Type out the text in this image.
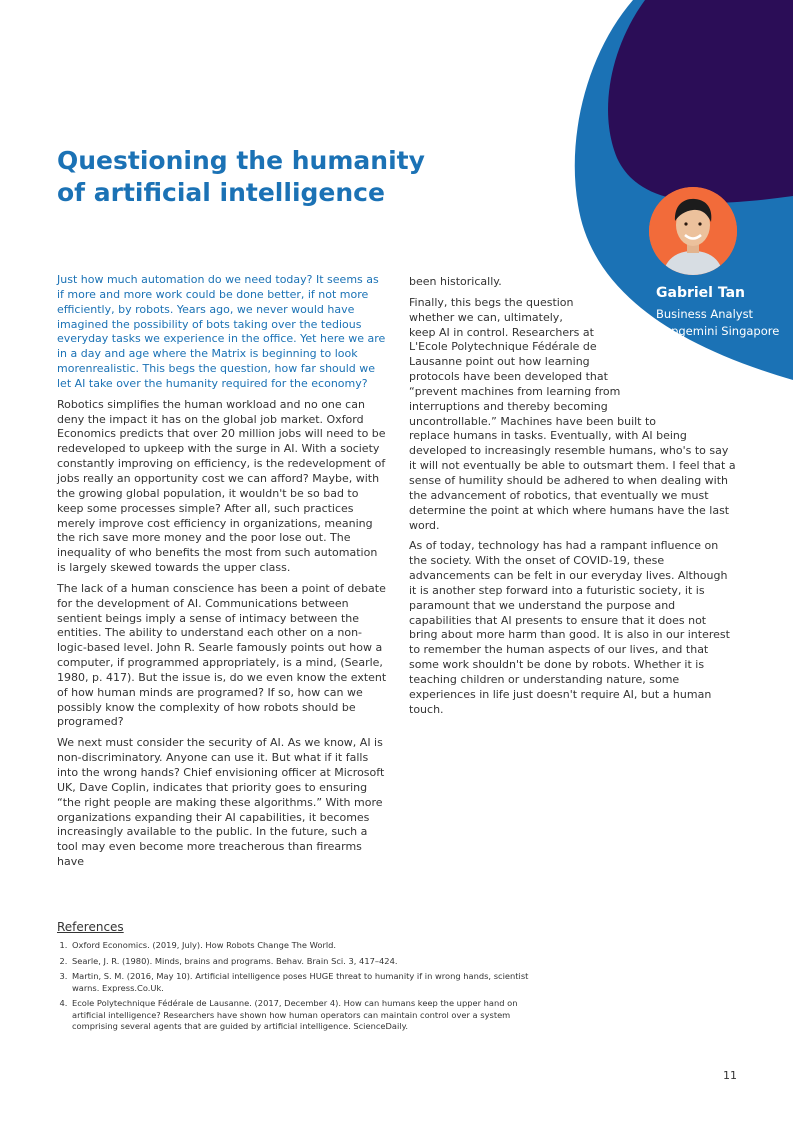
Questioning the humanity of artificial intelligence

Gabriel Tan

Business Analyst

Capgemini Singapore

Just how much automation do we need today? It seems as if more and more work could be done better, if not more efficiently, by robots. Years ago, we never would have imagined the possibility of bots taking over the tedious everyday tasks we experience in the office. Yet here we are in a day and age where the Matrix is beginning to look morenrealistic. This begs the question, how far should we let AI take over the humanity required for the economy?

Robotics simplifies the human workload and no one can deny the impact it has on the global job market. Oxford Economics predicts that over 20 million jobs will need to be redeveloped to upkeep with the surge in AI. With a society constantly improving on efficiency, is the redevelopment of jobs really an opportunity cost we can afford? Maybe, with the growing global population, it wouldn't be so bad to keep some processes simple? After all, such practices merely improve cost efficiency in organizations, meaning the rich save more money and the poor lose out. The inequality of who benefits the most from such automation is largely skewed towards the upper class.

The lack of a human conscience has been a point of debate for the development of AI. Communications between sentient beings imply a sense of intimacy between the entities. The ability to understand each other on a non-logic-based level. John R. Searle famously points out how a computer, if programmed appropriately, is a mind, (Searle, 1980, p. 417). But the issue is, do we even know the extent of how human minds are programed? If so, how can we possibly know the complexity of how robots should be programed?

We next must consider the security of AI. As we know, AI is non-discriminatory. Anyone can use it. But what if it falls into the wrong hands? Chief envisioning officer at Microsoft UK, Dave Coplin, indicates that priority goes to ensuring “the right people are making these algorithms.” With more organizations expanding their AI capabilities, it becomes increasingly available to the public. In the future, such a tool may even become more treacherous than firearms have

been historically.

Finally, this begs the question whether we can, ultimately, keep AI in control. Researchers at L'Ecole Polytechnique Fédérale de Lausanne point out how learning protocols have been developed that “prevent machines from learning from interruptions and thereby becoming uncontrollable.” Machines have been built to replace humans in tasks. Eventually, with AI being developed to increasingly resemble humans, who's to say it will not eventually be able to outsmart them. I feel that a sense of humility should be adhered to when dealing with the advancement of robotics, that eventually we must determine the point at which where humans have the last word.

As of today, technology has had a rampant influence on the society. With the onset of COVID-19, these advancements can be felt in our everyday lives. Although it is another step forward into a futuristic society, it is paramount that we understand the purpose and capabilities that AI presents to ensure that it does not bring about more harm than good. It is also in our interest to remember the human aspects of our lives, and that some work shouldn't be done by robots. Whether it is teaching children or understanding nature, some experiences in life just doesn't require AI, but a human touch.

References

1. Oxford Economics. (2019, July). How Robots Change The World.
2. Searle, J. R. (1980). Minds, brains and programs. Behav. Brain Sci. 3, 417–424.
3. Martin, S. M. (2016, May 10). Artificial intelligence poses HUGE threat to humanity if in wrong hands, scientist warns. Express.Co.Uk.
4. Ecole Polytechnique Fédérale de Lausanne. (2017, December 4). How can humans keep the upper hand on artificial intelligence? Researchers have shown how human operators can maintain control over a system comprising several agents that are guided by artificial intelligence. ScienceDaily.

11
